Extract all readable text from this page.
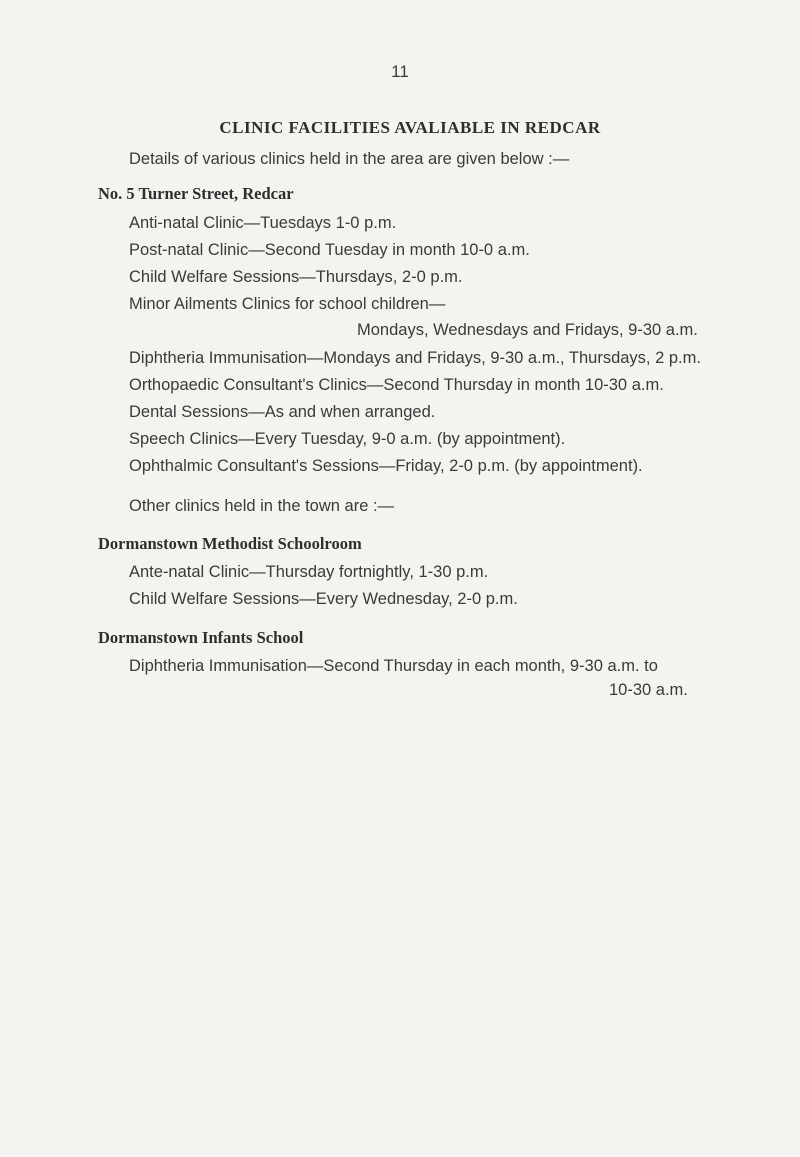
11
CLINIC FACILITIES AVALIABLE IN REDCAR
Details of various clinics held in the area are given below :—
No. 5 Turner Street, Redcar
Anti-natal Clinic—Tuesdays 1-0 p.m.
Post-natal Clinic—Second Tuesday in month 10-0 a.m.
Child Welfare Sessions—Thursdays, 2-0 p.m.
Minor Ailments Clinics for school children—
Mondays, Wednesdays and Fridays, 9-30 a.m.
Diphtheria Immunisation—Mondays and Fridays, 9-30 a.m., Thursdays, 2 p.m.
Orthopaedic Consultant's Clinics—Second Thursday in month 10-30 a.m.
Dental Sessions—As and when arranged.
Speech Clinics—Every Tuesday, 9-0 a.m. (by appointment).
Ophthalmic Consultant's Sessions—Friday, 2-0 p.m. (by appointment).
Other clinics held in the town are :—
Dormanstown Methodist Schoolroom
Ante-natal Clinic—Thursday fortnightly, 1-30 p.m.
Child Welfare Sessions—Every Wednesday, 2-0 p.m.
Dormanstown Infants School
Diphtheria Immunisation—Second Thursday in each month, 9-30 a.m. to
10-30 a.m.
